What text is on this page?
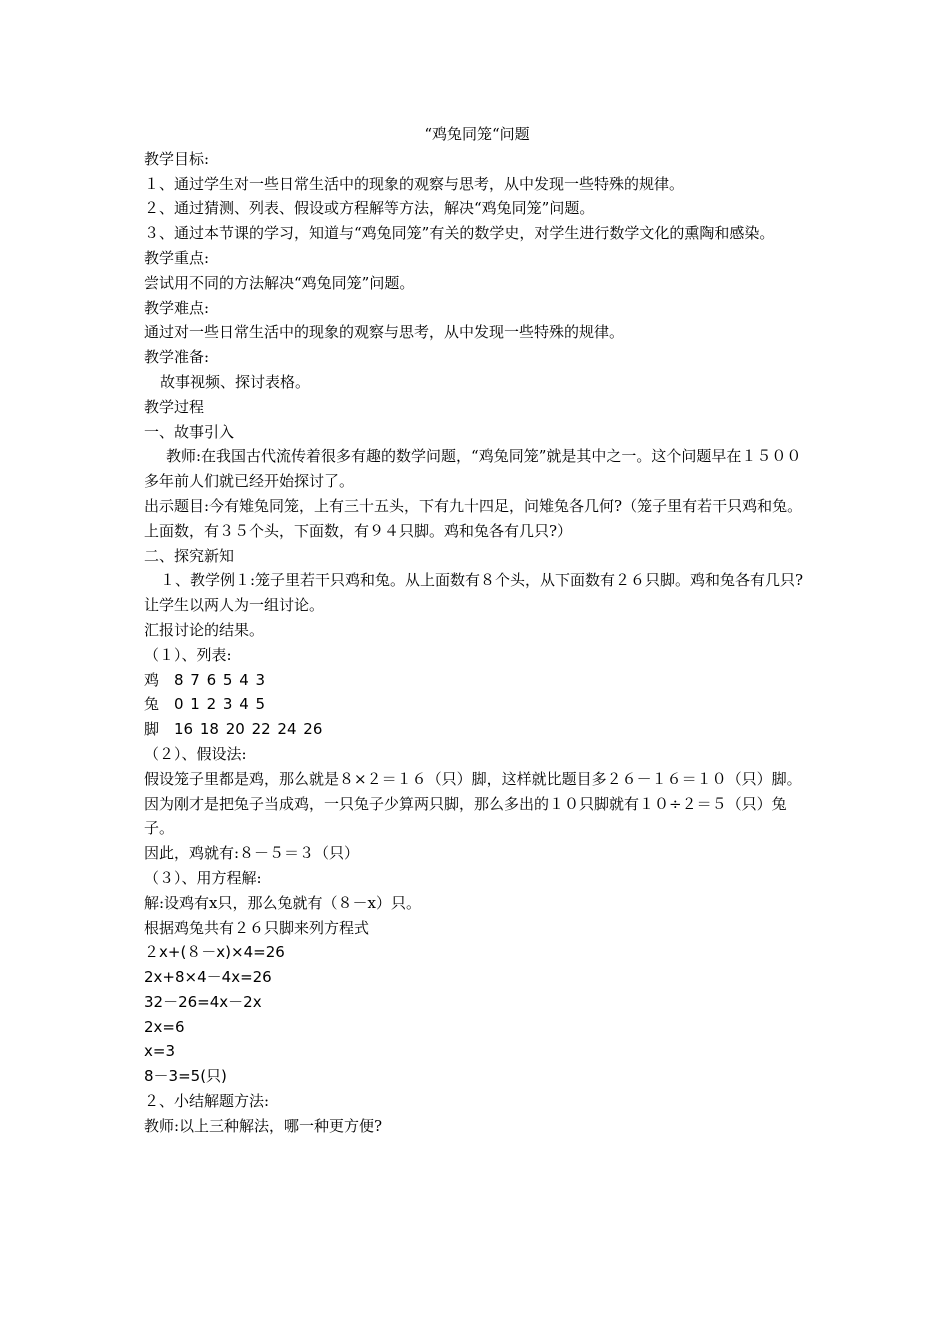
“鸡兔同笼“问题

教学目标:

１、通过学生对一些日常生活中的现象的观察与思考，从中发现一些特殊的规律。

２、通过猜测、列表、假设或方程解等方法，解决“鸡兔同笼”问题。

３、通过本节课的学习，知道与“鸡兔同笼”有关的数学史，对学生进行数学文化的熏陶和感染。

教学重点:

尝试用不同的方法解决“鸡兔同笼”问题。

教学难点:

通过对一些日常生活中的现象的观察与思考，从中发现一些特殊的规律。

教学准备:

故事视频、探讨表格。

教学过程

一、故事引入

教师:在我国古代流传着很多有趣的数学问题，“鸡兔同笼”就是其中之一。这个问题早在１５００多年前人们就已经开始探讨了。

出示题目:今有雉兔同笼，上有三十五头，下有九十四足，问雉兔各几何?（笼子里有若干只鸡和兔。上面数，有３５个头，下面数，有９４只脚。鸡和兔各有几只?）

二、探究新知

１、教学例１:笼子里若干只鸡和兔。从上面数有８个头，从下面数有２６只脚。鸡和兔各有几只?

让学生以两人为一组讨论。

汇报讨论的结果。

（１）、列表:

鸡 8 7 6 5 4 3
兔 0 1 2 3 4 5
脚 16 18 20 22 24 26

（２）、假设法:

假设笼子里都是鸡，那么就是８×２＝１６（只）脚，这样就比题目多２６－１６＝１０（只）脚。

因为刚才是把兔子当成鸡，一只兔子少算两只脚，那么多出的１０只脚就有１０÷２＝５（只）兔子。

因此，鸡就有:８－５＝３（只）

（３）、用方程解:

解:设鸡有x只，那么兔就有（８－x）只。

根据鸡兔共有２６只脚来列方程式

２x+(８－x)×4=26

2x+8×4－4x=26

32－26=4x－2x

2x=6

x=3

8－3=5(只)

２、小结解题方法:

教师:以上三种解法，哪一种更方便?
